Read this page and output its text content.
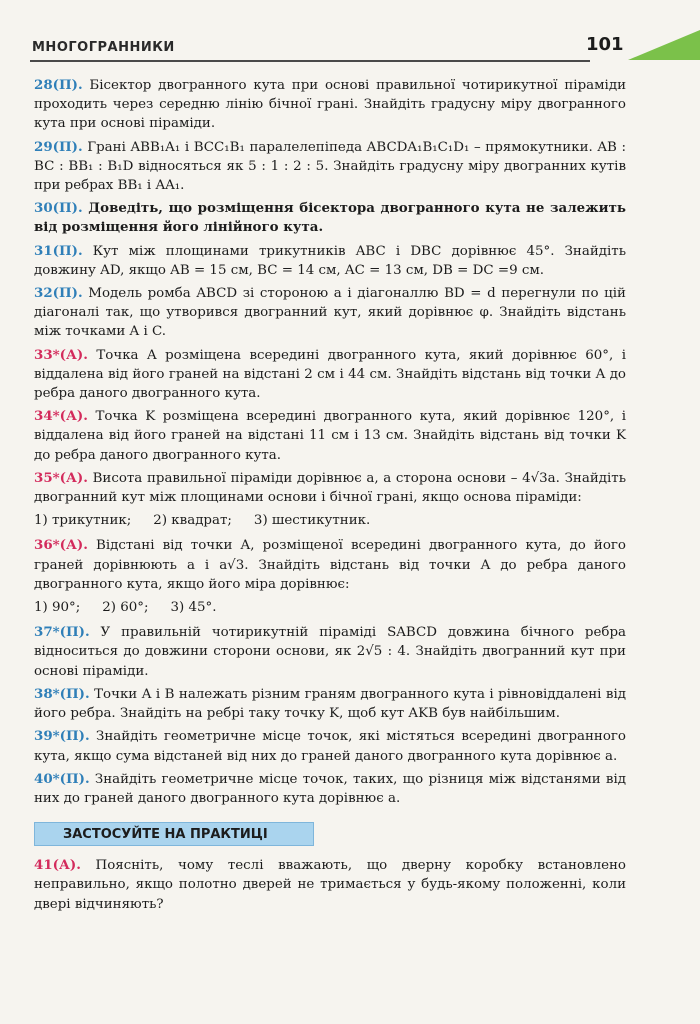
МНОГОГРАННИКИ	101

28(П). Бісектор двогранного кута при основі правильної чотирикутної піраміди проходить через середню лінію бічної грані. Знайдіть градусну міру двогранного кута при основі піраміди.

29(П). Грані ABB₁A₁ і BCC₁B₁ паралелепіпеда ABCDA₁B₁C₁D₁ – прямокутники. AB : BC : BB₁ : B₁D відносяться як 5 : 1 : 2 : 5. Знайдіть градусну міру двогранних кутів при ребрах BB₁ і AA₁.

30(П). Доведіть, що розміщення бісектора двогранного кута не залежить від розміщення його лінійного кута.

31(П). Кут між площинами трикутників ABC і DBC дорівнює 45°. Знайдіть довжину AD, якщо AB = 15 см, BC = 14 см, AC = 13 см, DB = DC =9 см.

32(П). Модель ромба ABCD зі стороною a і діагоналлю BD = d перегнули по цій діагоналі так, що утворився двогранний кут, який дорівнює φ. Знайдіть відстань між точками A і C.

33*(А). Точка A розміщена всередині двогранного кута, який дорівнює 60°, і віддалена від його граней на відстані 2 см і 44 см. Знайдіть відстань від точки A до ребра даного двогранного кута.

34*(А). Точка K розміщена всередині двогранного кута, який дорівнює 120°, і віддалена від його граней на відстані 11 см і 13 см. Знайдіть відстань від точки K до ребра даного двогранного кута.

35*(А). Висота правильної піраміди дорівнює a, а сторона основи – 4√3a. Знайдіть двогранний кут між площинами основи і бічної грані, якщо основа піраміди:

1) трикутник; 2) квадрат; 3) шестикутник.

36*(А). Відстані від точки A, розміщеної всередині двогранного кута, до його граней дорівнюють a і a√3. Знайдіть відстань від точки A до ребра даного двогранного кута, якщо його міра дорівнює:

1) 90°; 2) 60°; 3) 45°.

37*(П). У правильній чотирикутній піраміді SABCD довжина бічного ребра відноситься до довжини сторони основи, як 2√5 : 4. Знайдіть двогранний кут при основі піраміди.

38*(П). Точки A і B належать різним граням двогранного кута і рівновіддалені від його ребра. Знайдіть на ребрі таку точку K, щоб кут AKB був найбільшим.

39*(П). Знайдіть геометричне місце точок, які містяться всередині двогранного кута, якщо сума відстаней від них до граней даного двогранного кута дорівнює a.

40*(П). Знайдіть геометричне місце точок, таких, що різниця між відстанями від них до граней даного двогранного кута дорівнює a.

ЗАСТОСУЙТЕ НА ПРАКТИЦІ

41(А). Поясніть, чому теслі вважають, що дверну коробку встановлено неправильно, якщо полотно дверей не тримається у будь-якому положенні, коли двері відчиняють?
